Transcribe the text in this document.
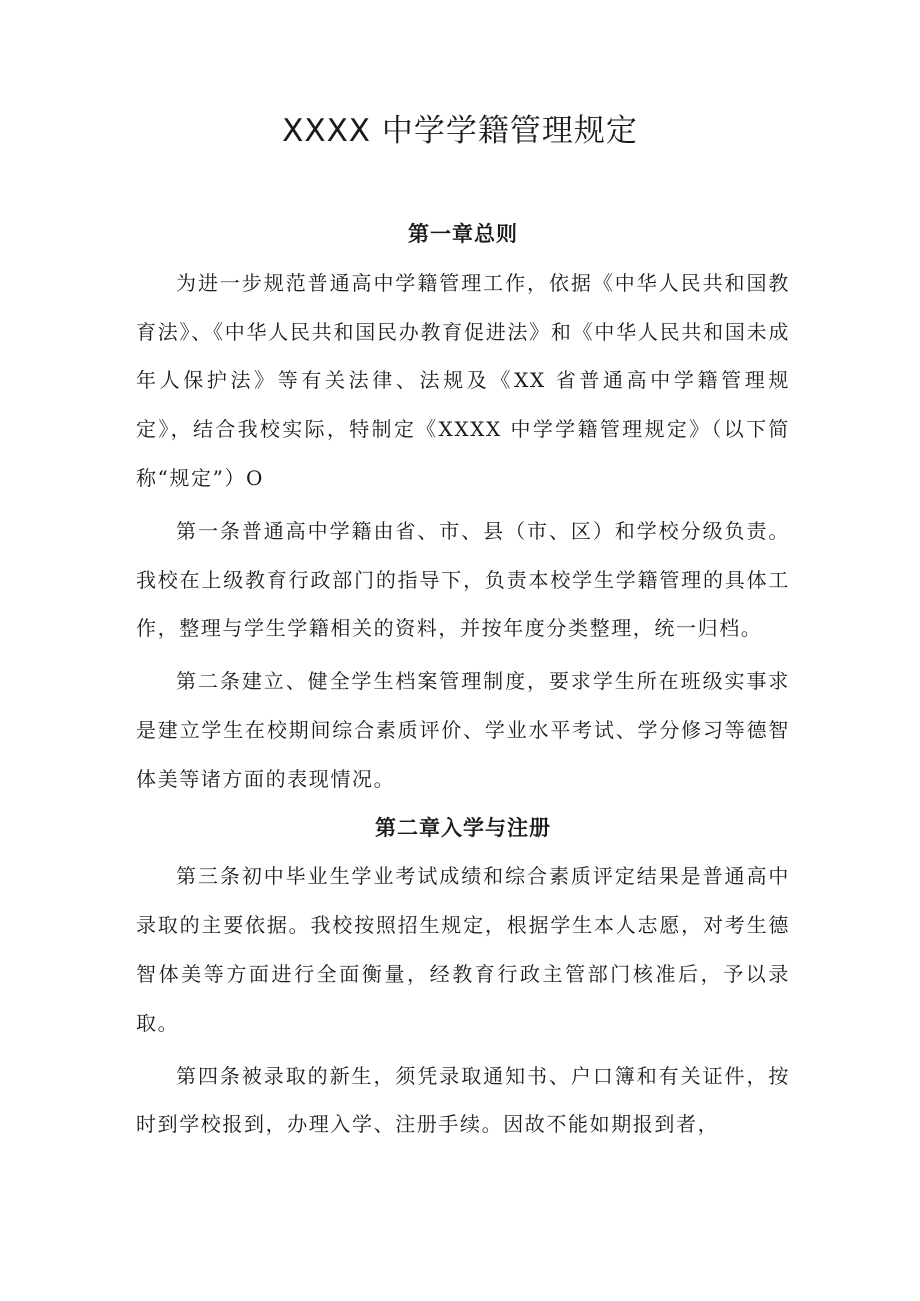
XXXX 中学学籍管理规定
第一章总则

为进一步规范普通高中学籍管理工作，依据《中华人民共和国教育法》、《中华人民共和国民办教育促进法》和《中华人民共和国未成年人保护法》等有关法律、法规及《XX 省普通高中学籍管理规定》，结合我校实际，特制定《XXXX 中学学籍管理规定》（以下简称“规定”）O

第一条普通高中学籍由省、市、县（市、区）和学校分级负责。我校在上级教育行政部门的指导下，负责本校学生学籍管理的具体工作，整理与学生学籍相关的资料，并按年度分类整理，统一归档。

第二条建立、健全学生档案管理制度，要求学生所在班级实事求是建立学生在校期间综合素质评价、学业水平考试、学分修习等德智体美等诸方面的表现情况。

第二章入学与注册

第三条初中毕业生学业考试成绩和综合素质评定结果是普通高中录取的主要依据。我校按照招生规定，根据学生本人志愿，对考生德智体美等方面进行全面衡量，经教育行政主管部门核准后，予以录取。

第四条被录取的新生，须凭录取通知书、户口簿和有关证件，按时到学校报到，办理入学、注册手续。因故不能如期报到者，
